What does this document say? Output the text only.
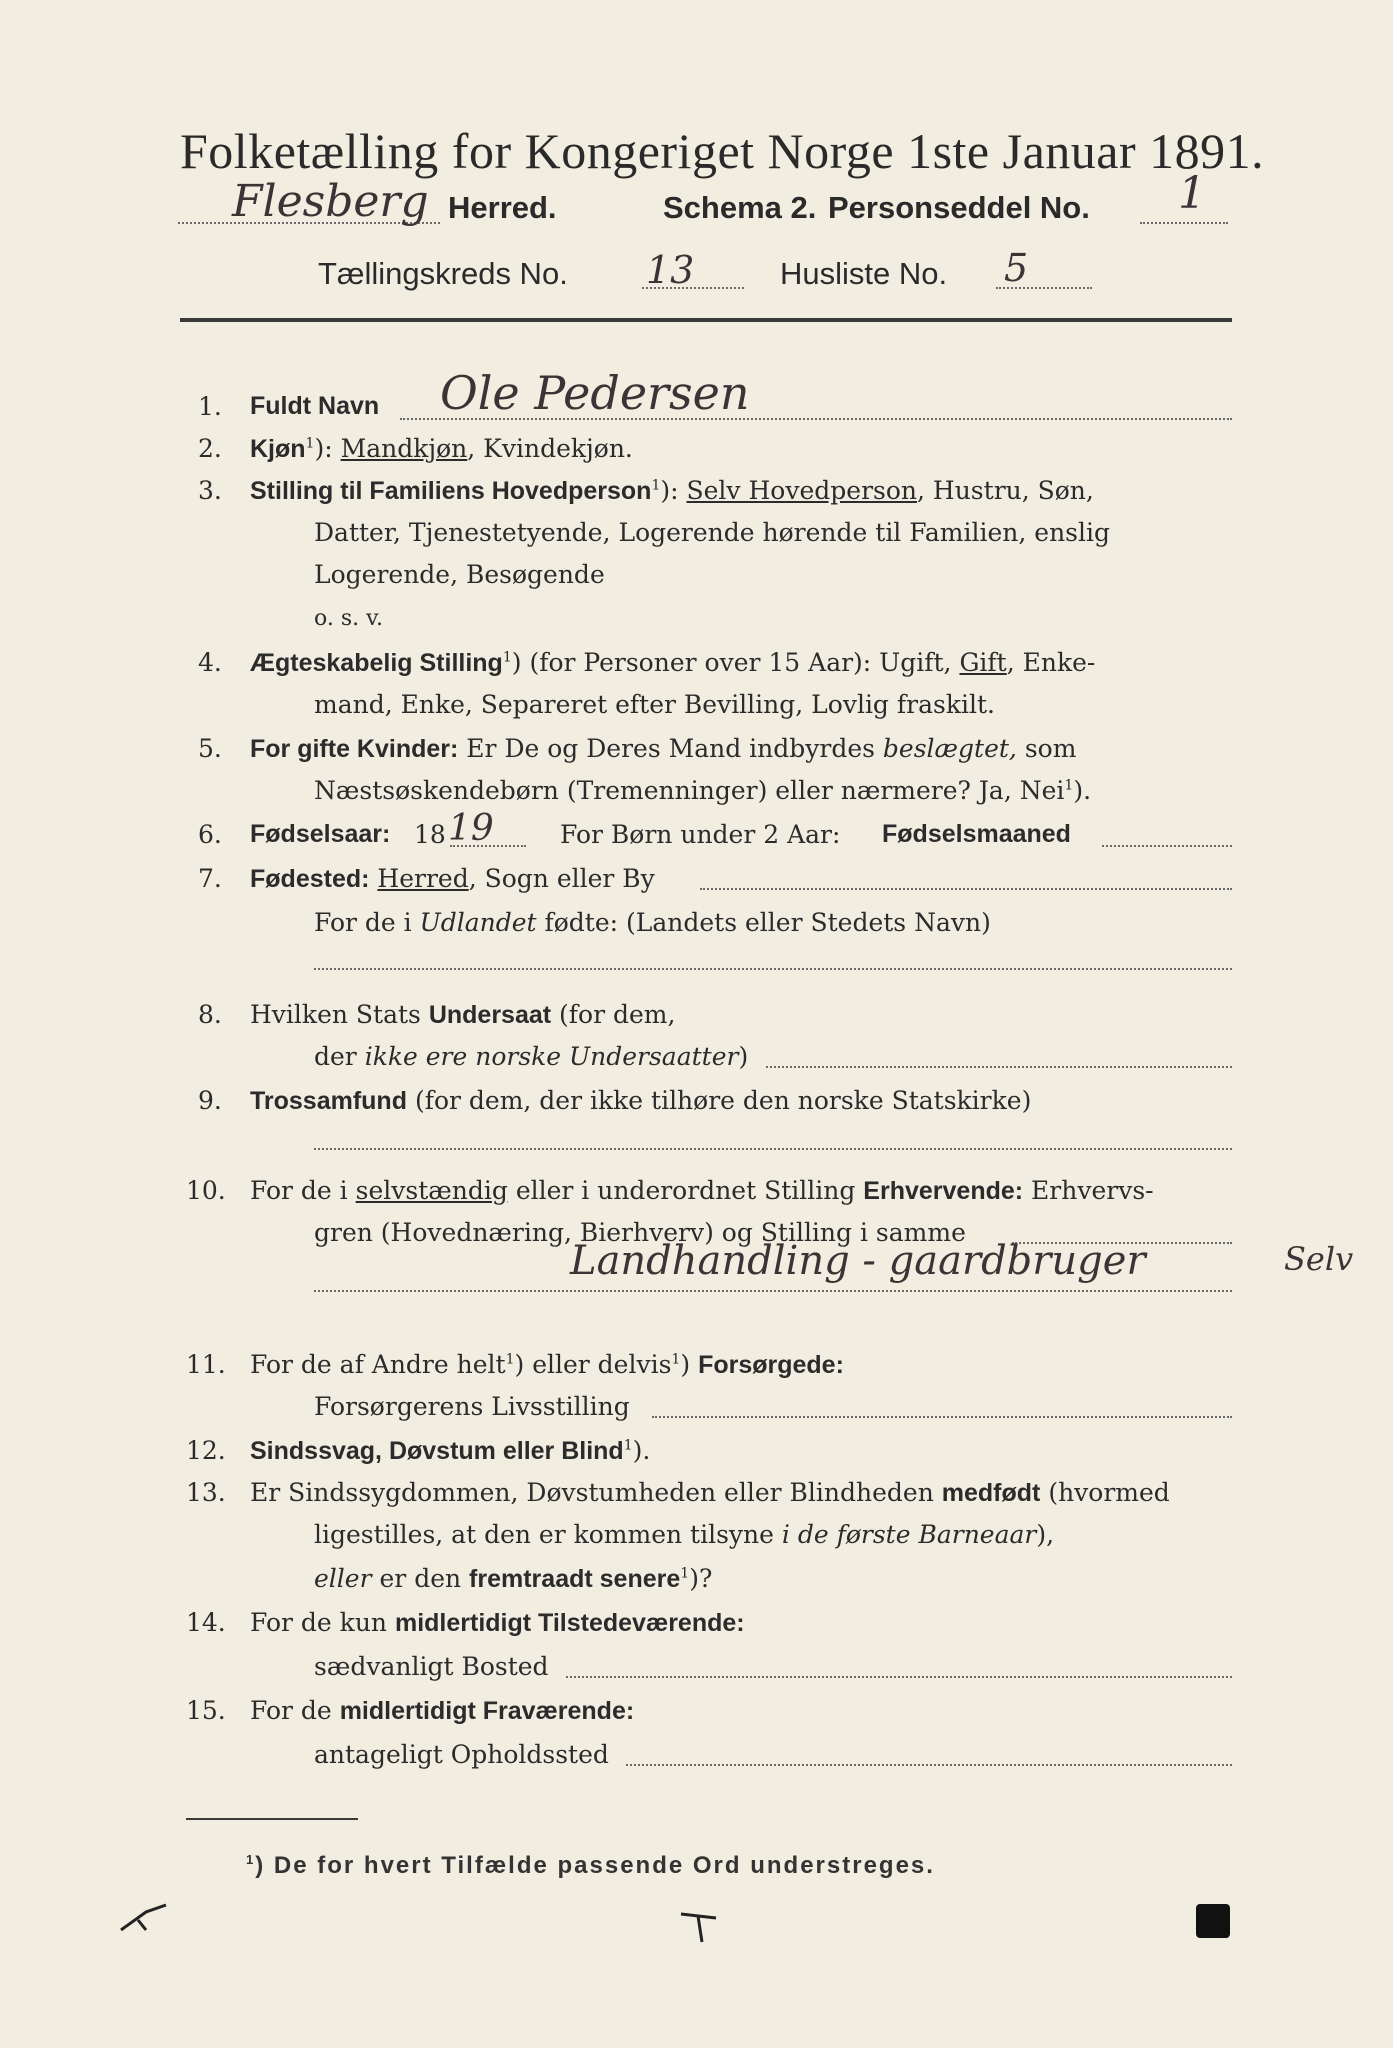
Folketælling for Kongeriget Norge 1ste Januar 1891.
Flesberg Herred.	Schema 2. Personseddel No. 1
Tællingskreds No. 13	Husliste No. 5
1. Fuldt Navn Ole Pedersen
2. Kjøn$^1$): Mandkjøn, Kvindekjøn.
3. Stilling til Familiens Hovedperson$^1$): Selv Hovedperson, Hustru, Søn,
Datter, Tjenestetyende, Logerende hørende til Familien, enslig
Logerende, Besøgende
o. s. v.
4. Ægteskabelig Stilling$^1$) (for Personer over 15 Aar): Ugift, Gift, Enke-
mand, Enke, Separeret efter Bevilling, Lovlig fraskilt.
5. For gifte Kvinder: Er De og Deres Mand indbyrdes beslægtet, som
Næstsøskendebørn (Tremenninger) eller nærmere? Ja, Nei$^1$).
6. Fødselsaar: 18 19	For Børn under 2 Aar: Fødselsmaaned
7. Fødested: Herred, Sogn eller By
For de i Udlandet fødte: (Landets eller Stedets Navn)
8. Hvilken Stats Undersaat (for dem,
der ikke ere norske Undersaatter)
9. Trossamfund (for dem, der ikke tilhøre den norske Statskirke)
10. For de i selvstændig eller i underordnet Stilling Erhvervende: Erhvervs-
gren (Hovednæring, Bierhverv) og Stilling i samme
Landhandling - gaardbruger	Selv
11. For de af Andre helt$^1$) eller delvis$^1$) Forsørgede:
Forsørgerens Livsstilling
12. Sindssvag, Døvstum eller Blind$^1$).
13. Er Sindssygdommen, Døvstumheden eller Blindheden medfødt (hvormed
ligestilles, at den er kommen tilsyne i de første Barneaar),
eller er den fremtraadt senere$^1$)?
14. For de kun midlertidigt Tilstedeværende:
sædvanligt Bosted
15. For de midlertidigt Fraværende:
antageligt Opholdssted
$^1$) De for hvert Tilfælde passende Ord understreges.
